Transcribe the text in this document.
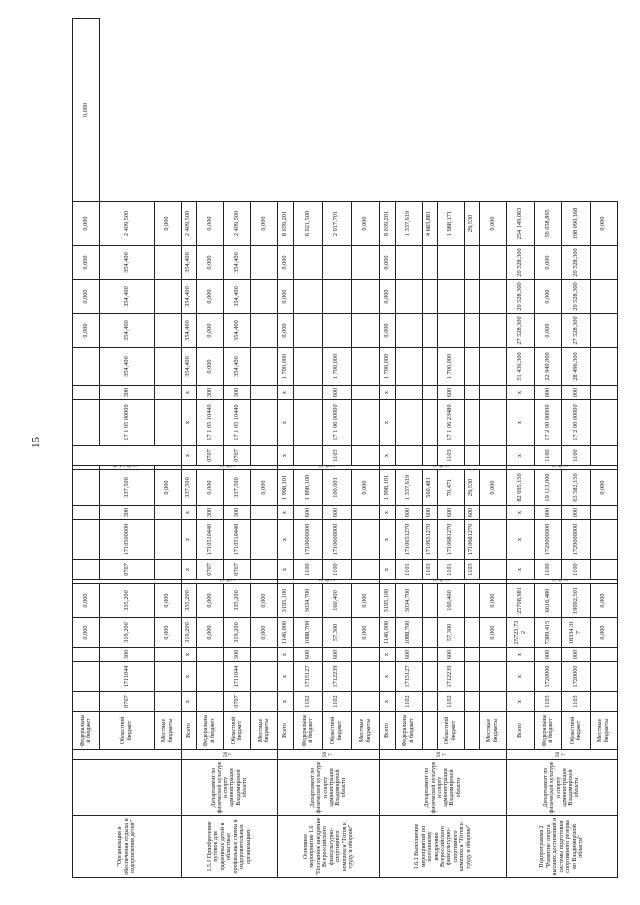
15
"Организация и обеспечения отдыха и оздоровления детей"			Федеральный бюджет				0,000	0,000											0,000	0,000	0,000	0,000	0,000
			Областной бюджет	0707	1711044	300	319,200	335,200		0707	1710500000	300	337,500	0707		17 1 05 00000	300	354,400	354,400	354,400	354,400	2 409,500	
			Местные бюджеты				0,000	0,000					0,000									0,000	
1.5.1 Приобретение путевок для одаренных детей в областные профильные смены в оздоровительных организациях	Департамент по физической культуре и спорту администрации Владимирской области	567	Всего	x	x	x	319,200	335,200	567	x	x	x	337,500	567	x	x	x	354,400	354,400	354,400	354,400	2 409,500	
			Федеральный бюджет				0,000	0,000		0707	1710510440	300	0,000		0707	17 1 05 10440	300	0,000	0,000	0,000	0,000	0,000	
			Областной бюджет	0707	1711044	300	319,200	335,200		0707	1710510440	300	337,500		0707	17 1 05 10440	300	354,400	354,400	354,400	354,400	2 409,500	
			Местные бюджеты				0,000	0,000					0,000									0,000	
Основное мероприятие 1.6 "Поэтапное внедрение Всероссийского физкультурно-спортивного комплекса "Готов к труду и обороне"	Департамент по физической культуре и спорту администрации Владимирской области	567	Всего	x	x	x	1146,000	3195,100	567	x	x	x	1 998,101	567	x	x	x	1 700,000	0,000	0,000	0,000	8 039,201	
			Федеральный бюджет	1102	1715127	600	1088,700	3034,700		1100	1710600000	600	1 898,100									6 021,500	
			Областной бюджет	1102	1712239	600	57,300	160,400		1100	1710600000	600	100,001		1103	17 1 06 00000	600	1 700,000				2 017,701	
			Местные бюджеты				0,000	0,000					0,000									0,000	
1.6.1 Выполнение мероприятий по поэтапному внедрению Всероссийского физкультурно-спортивного комплекса "Готов к труду и обороне"	Департамент по физической культуре и спорту администрации Владимирской области	567	Всего	x	x	x	1146,000	3195,100	567	x	x	x	1 998,101	567	x	x	x	1 700,000	0,000	0,000	0,000	8 039,201	
			Федеральный бюджет	1102	1715127	600	1088,700	3034,700		1101	1710651270	600	1 337,619									1 337,619	
										1103	1710651270	600	560,481									4 683,881	
			Областной бюджет	1102	1712239	600	57,300	160,400		1101	1710681270	600	70,471		1103	17 1 06 23480	600	1 700,000				1 988,171	
										1103	1710681270	600	29,530									29,530	
			Местные бюджеты				0,000	0,000					0,000									0,000	
Подпрограмма 2 "Развитие спорта высших достижений и системы подготовки спортивного резерва во Владимирской области"	Департамент по физической культуре и спорту администрации Владимирской области	567	Всего	x	x	x	25723,732	25708,981	567	x	x	x	82 695,150	567	x	x	x	51 436,300	27 528,300	20 528,300	20 528,300	254 149,063	
			Федеральный бюджет	1103	1720000	000	7389,415	6616,480		1100	1720000000	000	19 113,000		1100	17 2 00 00000	000	22 940,000	0,000	0,000	0,000	56 058,895	
			Областной бюджет	1103	1720000	000	18334,317	19092,501		1100	1720000000	000	63 582,150		1100	17 2 00 00000	000	28 496,300	27 528,300	20 528,300	20 528,300	198 090,168	
			Местные бюджеты				0,000	0,000					0,000									0,000	
